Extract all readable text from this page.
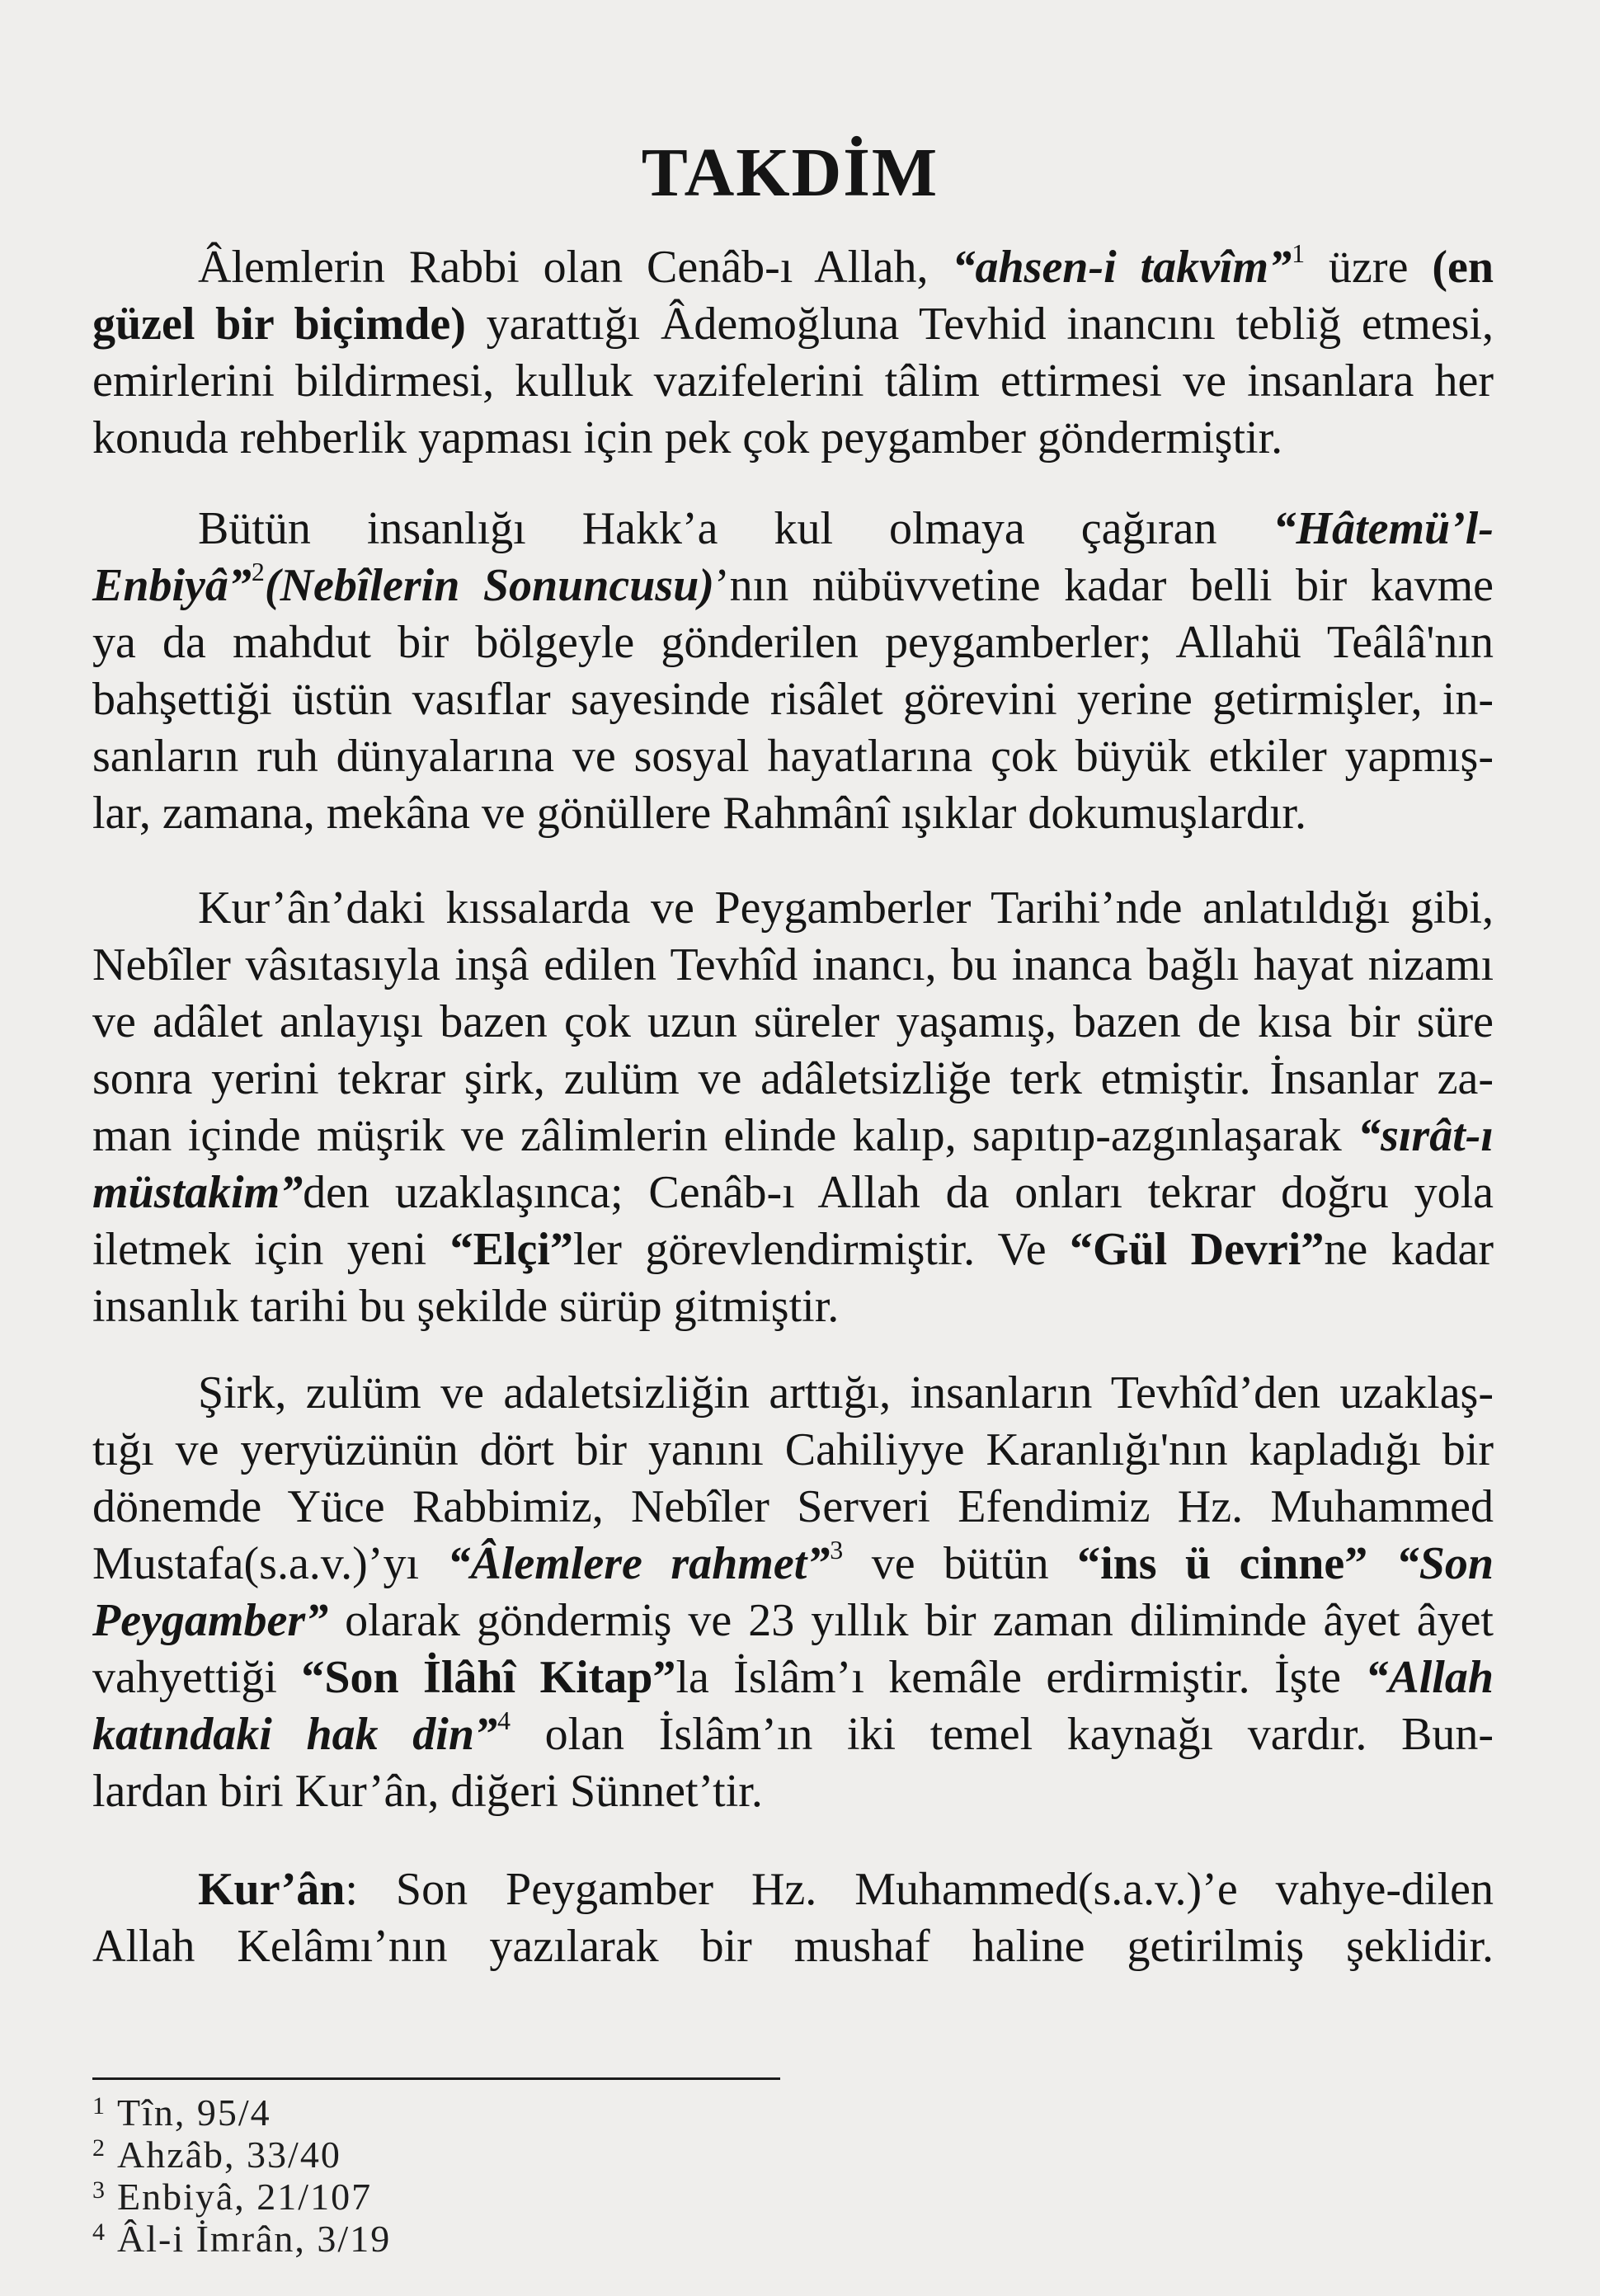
TAKDİM
Âlemlerin Rabbi olan Cenâb-ı Allah, “ahsen-i takvîm”$^1$ üzre (en
güzel bir biçimde) yarattığı Âdemoğluna Tevhid inancını tebliğ etmesi,
emirlerini bildirmesi, kulluk vazifelerini tâlim ettirmesi ve insanlara her
konuda rehberlik yapması için pek çok peygamber göndermiştir.
Bütün insanlığı Hakk’a kul olmaya çağıran “Hâtemü’l-
Enbiyâ”$^2$(Nebîlerin Sonuncusu)’nın nübüvvetine kadar belli bir kavme
ya da mahdut bir bölgeyle gönderilen peygamberler; Allahü Teâlâ'nın
bahşettiği üstün vasıflar sayesinde risâlet görevini yerine getirmişler, in-
sanların ruh dünyalarına ve sosyal hayatlarına çok büyük etkiler yapmış-
lar, zamana, mekâna ve gönüllere Rahmânî ışıklar dokumuşlardır.
Kur’ân’daki kıssalarda ve Peygamberler Tarihi’nde anlatıldığı gibi,
Nebîler vâsıtasıyla inşâ edilen Tevhîd inancı, bu inanca bağlı hayat nizamı
ve adâlet anlayışı bazen çok uzun süreler yaşamış, bazen de kısa bir süre
sonra yerini tekrar şirk, zulüm ve adâletsizliğe terk etmiştir. İnsanlar za-
man içinde müşrik ve zâlimlerin elinde kalıp, sapıtıp-azgınlaşarak “sırât-ı
müstakim”den uzaklaşınca; Cenâb-ı Allah da onları tekrar doğru yola
iletmek için yeni “Elçi”ler görevlendirmiştir. Ve “Gül Devri”ne kadar
insanlık tarihi bu şekilde sürüp gitmiştir.
Şirk, zulüm ve adaletsizliğin arttığı, insanların Tevhîd’den uzaklaş-
tığı ve yeryüzünün dört bir yanını Cahiliyye Karanlığı'nın kapladığı bir
dönemde Yüce Rabbimiz, Nebîler Serveri Efendimiz Hz. Muhammed
Mustafa(s.a.v.)’yı “Âlemlere rahmet”$^3$ ve bütün “ins ü cinne” “Son
Peygamber” olarak göndermiş ve 23 yıllık bir zaman diliminde âyet âyet
vahyettiği “Son İlâhî Kitap”la İslâm’ı kemâle erdirmiştir. İşte “Allah
katındaki hak din”$^4$ olan İslâm’ın iki temel kaynağı vardır. Bun-
lardan biri Kur’ân, diğeri Sünnet’tir.
Kur’ân: Son Peygamber Hz. Muhammed(s.a.v.)’e vahye-dilen
Allah Kelâmı’nın yazılarak bir mushaf haline getirilmiş şeklidir.
1 Tîn, 95/4
2 Ahzâb, 33/40
3 Enbiyâ, 21/107
4 Âl-i İmrân, 3/19
